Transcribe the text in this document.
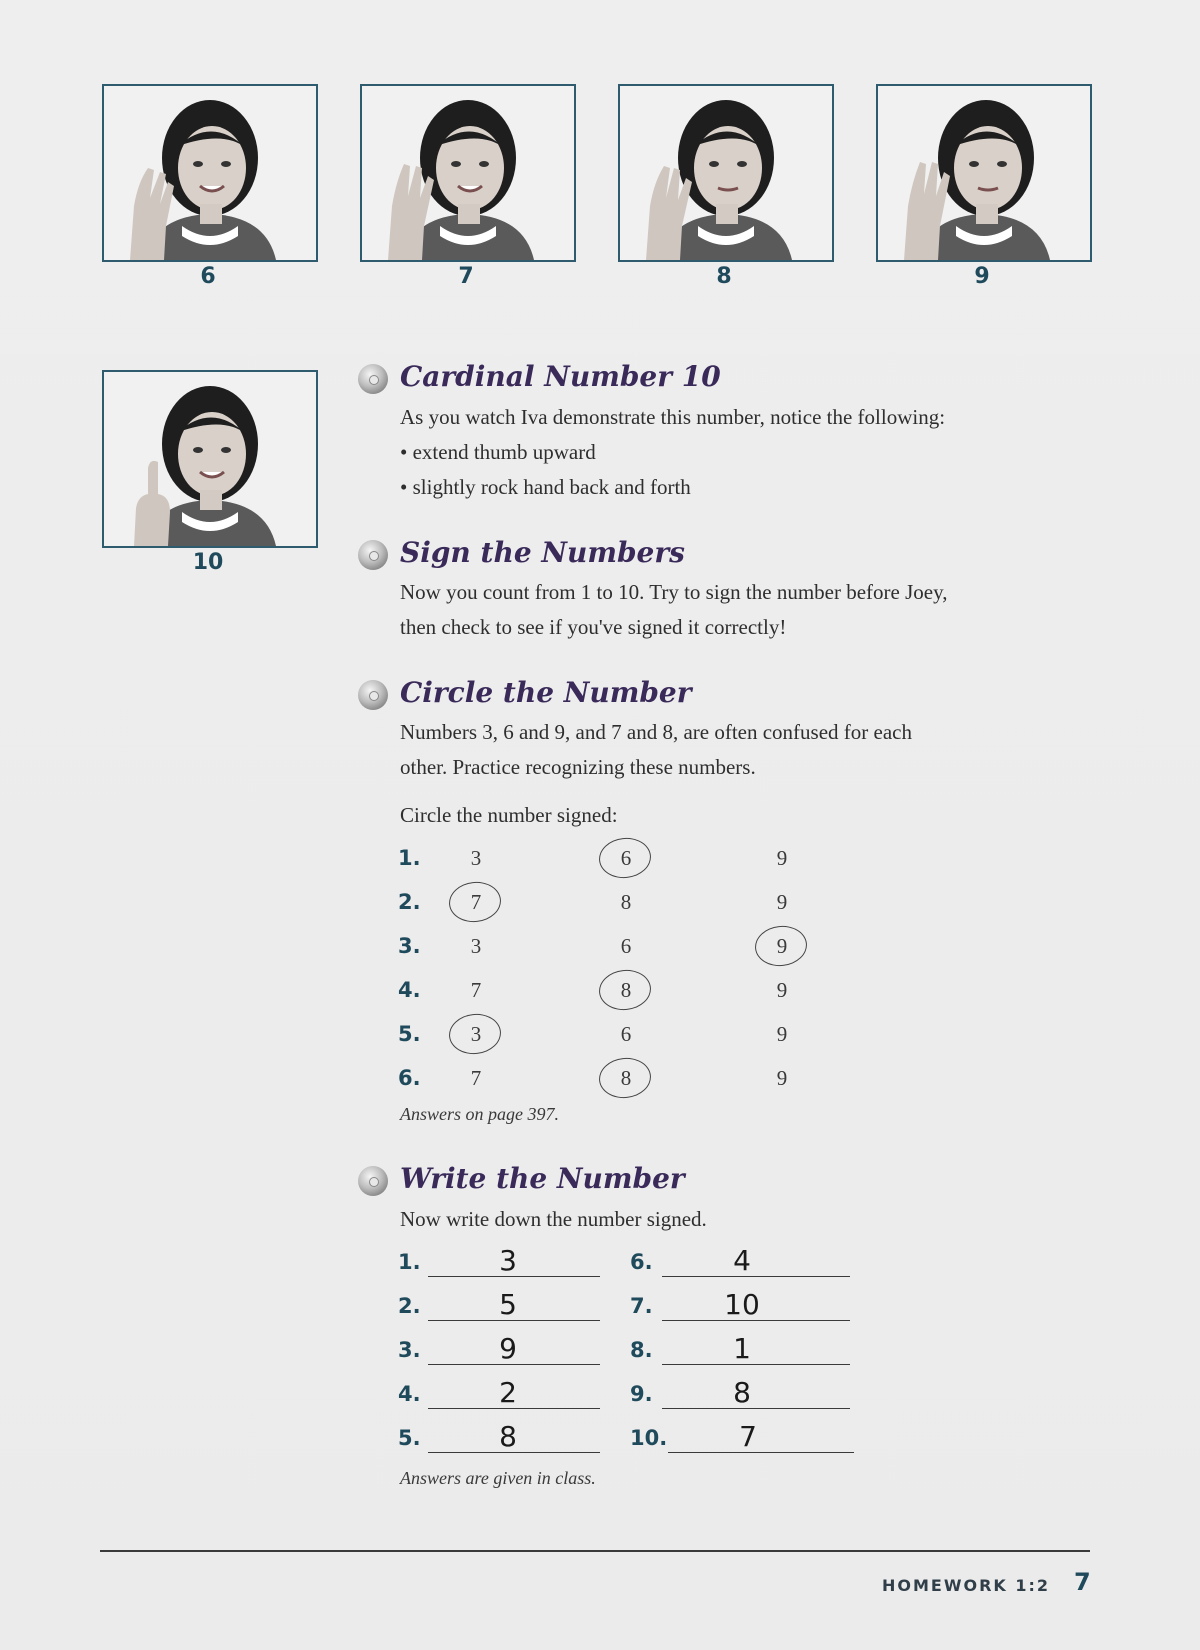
6	7	8	9
10
Cardinal Number 10
As you watch Iva demonstrate this number, notice the following:
• extend thumb upward
• slightly rock hand back and forth
Sign the Numbers
Now you count from 1 to 10. Try to sign the number before Joey,
then check to see if you've signed it correctly!
Circle the Number
Numbers 3, 6 and 9, and 7 and 8, are often confused for each
other. Practice recognizing these numbers.
Circle the number signed:
1.	3	6	9
2.	7	8	9
3.	3	6	9
4.	7	8	9
5.	3	6	9
6.	7	8	9
Answers on page 397.
Write the Number
Now write down the number signed.
1.	3
2.	5
3.	9
4.	2
5.	8
6.	4
7.	10
8.	1
9.	8
10.	7
Answers are given in class.
HOMEWORK 1:2 7
